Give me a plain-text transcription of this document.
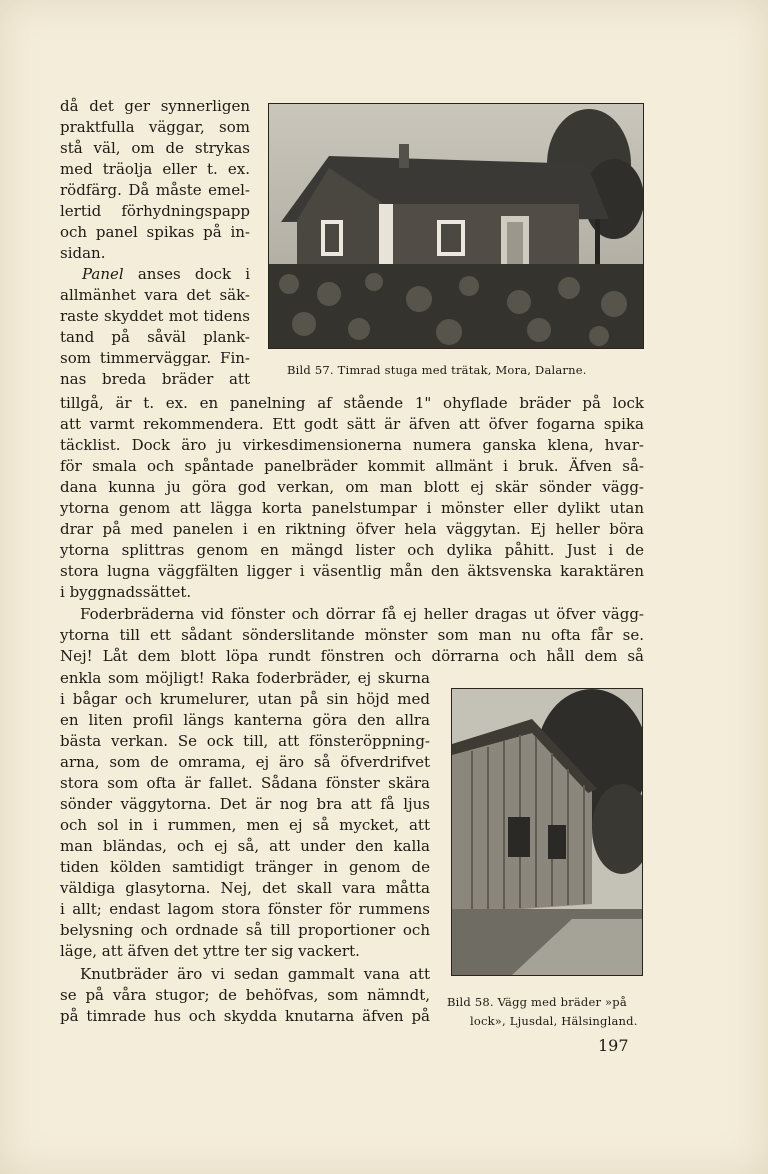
då det ger synnerligen
praktfulla väggar, som
stå väl, om de strykas
med träolja eller t. ex.
rödfärg. Då måste emel-
lertid förhydningspapp
och panel spikas på in-
sidan.
Panel anses dock i
allmänhet vara det säk-
raste skyddet mot tidens
tand på såväl plank-
som timmerväggar. Fin-
nas breda bräder att
tillgå, är t. ex. en panelning af stående 1" ohyflade bräder på lock
att varmt rekommendera. Ett godt sätt är äfven att öfver fogarna spika
täcklist. Dock äro ju virkesdimensionerna numera ganska klena, hvar-
för smala och spåntade panelbräder kommit allmänt i bruk. Äfven så-
dana kunna ju göra god verkan, om man blott ej skär sönder vägg-
ytorna genom att lägga korta panelstumpar i mönster eller dylikt utan
drar på med panelen i en riktning öfver hela väggytan. Ej heller böra
ytorna splittras genom en mängd lister och dylika påhitt. Just i de
stora lugna väggfälten ligger i väsentlig mån den äktsvenska karaktären
i byggnadssättet.
Foderbräderna vid fönster och dörrar få ej heller dragas ut öfver vägg-
ytorna till ett sådant sönderslitande mönster som man nu ofta får se.
Nej! Låt dem blott löpa rundt fönstren och dörrarna och håll dem så
enkla som möjligt! Raka foderbräder, ej skurna
i bågar och krumelurer, utan på sin höjd med
en liten profil längs kanterna göra den allra
bästa verkan. Se ock till, att fönsteröppning-
arna, som de omrama, ej äro så öfverdrifvet
stora som ofta är fallet. Sådana fönster skära
sönder väggytorna. Det är nog bra att få ljus
och sol in i rummen, men ej så mycket, att
man bländas, och ej så, att under den kalla
tiden kölden samtidigt tränger in genom de
väldiga glasytorna. Nej, det skall vara måtta
i allt; endast lagom stora fönster för rummens
belysning och ordnade så till proportioner och
läge, att äfven det yttre ter sig vackert.
Knutbräder äro vi sedan gammalt vana att
se på våra stugor; de behöfvas, som nämndt,
på timrade hus och skydda knutarna äfven på
Bild 57. Timrad stuga med trätak, Mora, Dalarne.
Bild 58. Vägg med bräder »på
lock», Ljusdal, Hälsingland.
197
